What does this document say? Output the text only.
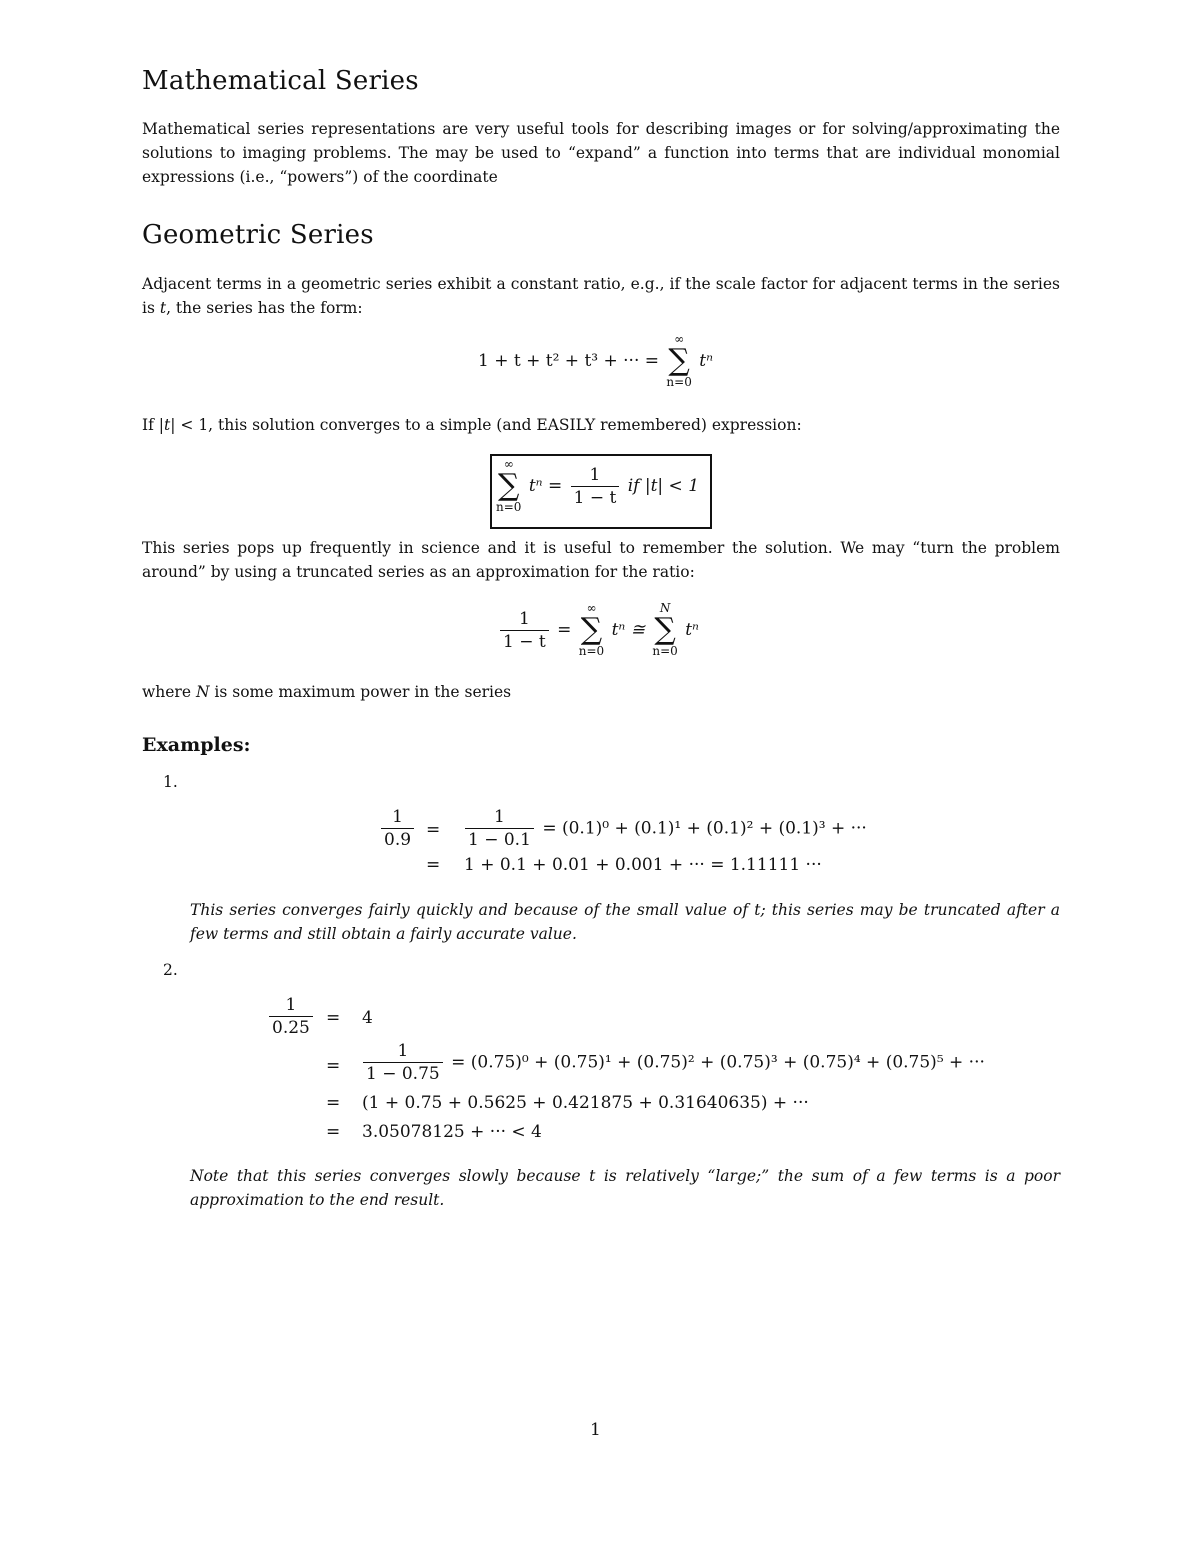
Mathematical Series

Mathematical series representations are very useful tools for describing images or for solving/approximating the solutions to imaging problems. The may be used to “expand” a function into terms that are individual monomial expressions (i.e., “powers”) of the coordinate

Geometric Series

Adjacent terms in a geometric series exhibit a constant ratio, e.g., if the scale factor for adjacent terms in the series is t, the series has the form:

1 + t + t² + t³ + ··· =
∞
∑
n=0
tⁿ

If |t| < 1, this solution converges to a simple (and EASILY remembered) expression:

∞
∑
n=0
$t^n = \frac{1}{1 - t}$ if |t| < 1

This series pops up frequently in science and it is useful to remember the solution. We may “turn the problem around” by using a truncated series as an approximation for the ratio:

$\frac{1}{1 - t}$ =
∞
∑
n=0
tⁿ ≅
N
∑
n=0
tⁿ

where N is some maximum power in the series

Examples:
1.
$\frac{1}{0.9} = \frac{1}{1 - 0.1} = (0.1)^0 + (0.1)^1 + (0.1)^2 + (0.1)^3$ + ···
= 1 + 0.1 + 0.01 + 0.001 + ··· = 1.11111 ···

This series converges fairly quickly and because of the small value of t; this series may be truncated after a few terms and still obtain a fairly accurate value.

2.
$\frac{1}{0.25} = 4$
= $\frac{1}{1 - 0.75} = (0.75)^0 + (0.75)^1 + (0.75)^2 + (0.75)^3 + (0.75)^4 + (0.75)^5$ + ···
= (1 + 0.75 + 0.5625 + 0.421875 + 0.31640635) + ···
= 3.05078125 + ··· < 4

Note that this series converges slowly because t is relatively “large;” the sum of a few terms is a poor approximation to the end result.

1
